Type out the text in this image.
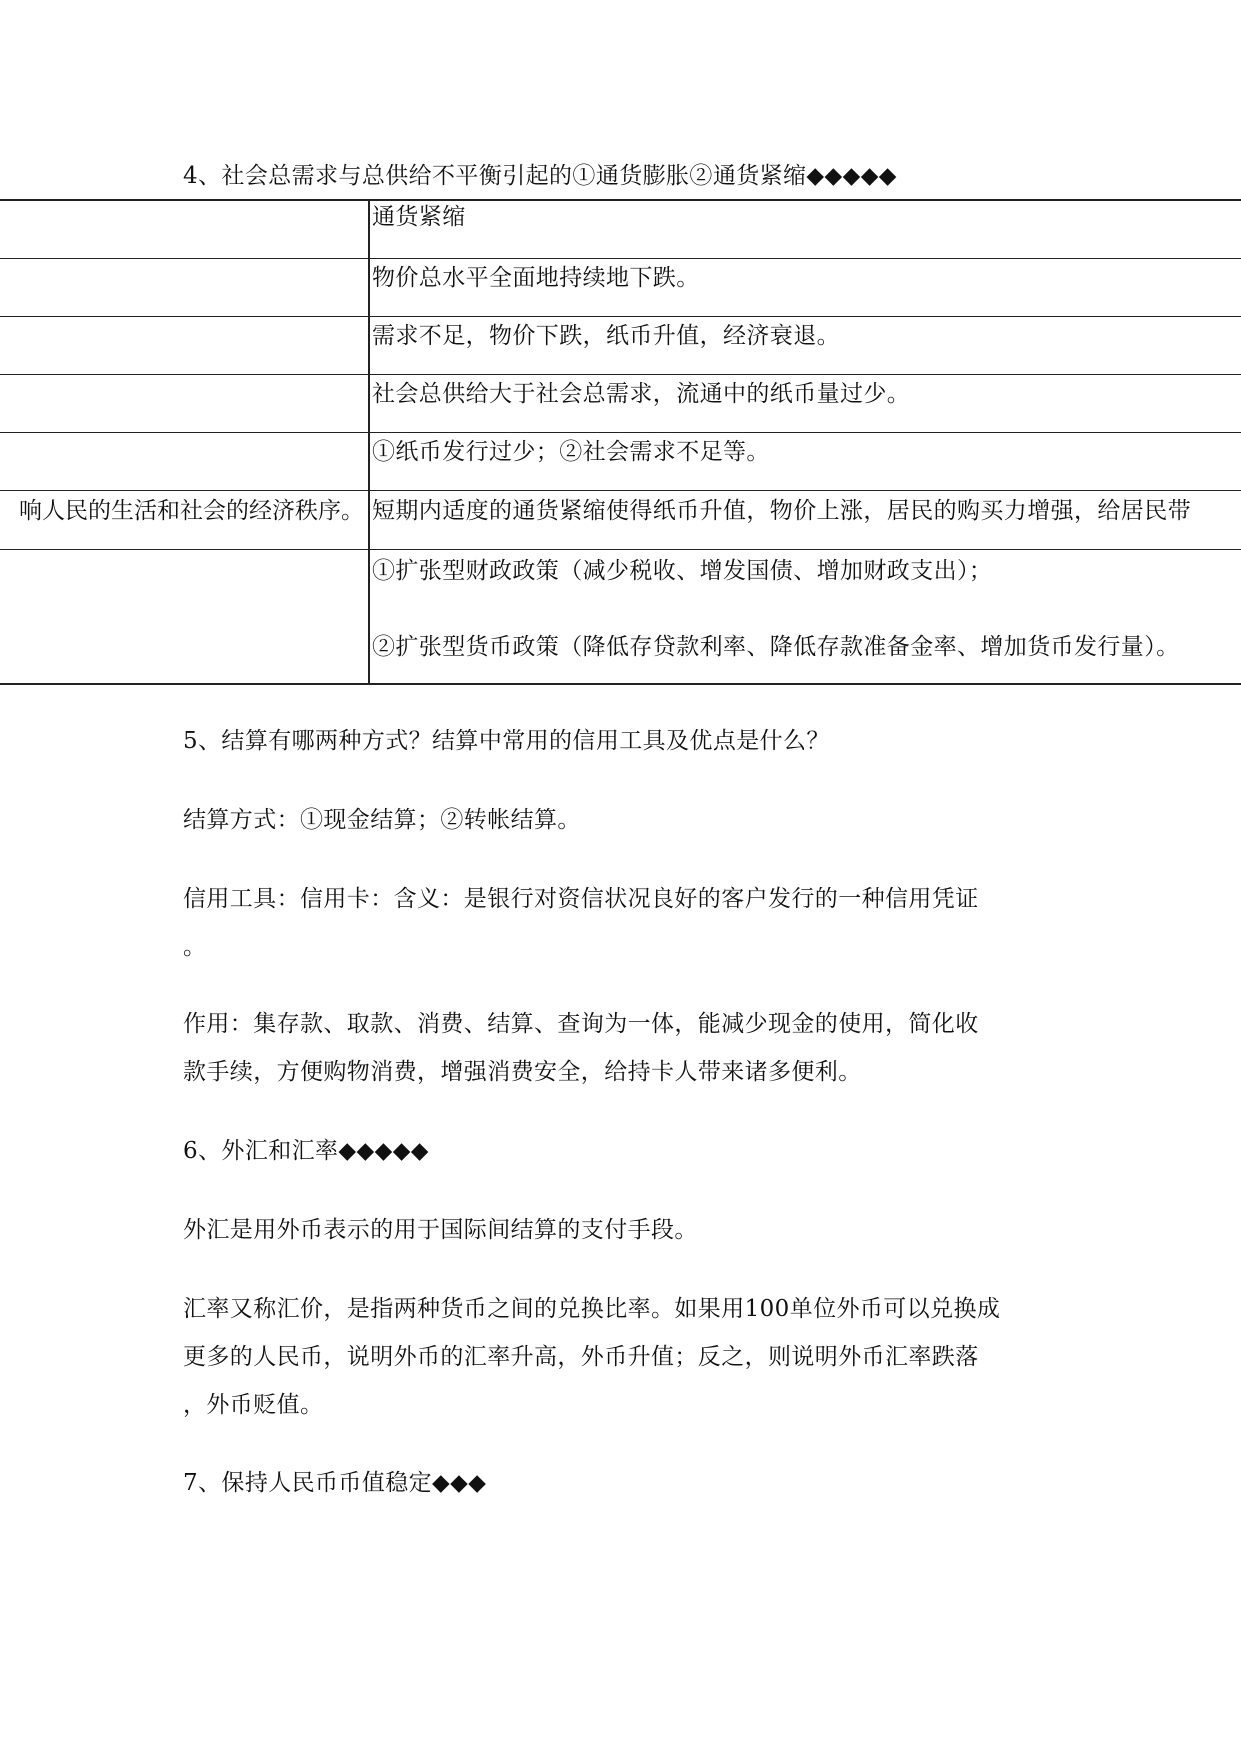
4、社会总需求与总供给不平衡引起的①通货膨胀②通货紧缩◆◆◆◆◆
通货紧缩
物价总水平全面地持续地下跌。
需求不足，物价下跌，纸币升值，经济衰退。
社会总供给大于社会总需求，流通中的纸币量过少。
①纸币发行过少；②社会需求不足等。
响人民的生活和社会的经济秩序。 短期内适度的通货紧缩使得纸币升值，物价上涨，居民的购买力增强，给居民带
①扩张型财政政策（减少税收、增发国债、增加财政支出）；
②扩张型货币政策（降低存贷款利率、降低存款准备金率、增加货币发行量）。
5、结算有哪两种方式？结算中常用的信用工具及优点是什么？
结算方式：①现金结算；②转帐结算。
信用工具：信用卡：含义：是银行对资信状况良好的客户发行的一种信用凭证
。
作用：集存款、取款、消费、结算、查询为一体，能减少现金的使用，简化收
款手续，方便购物消费，增强消费安全，给持卡人带来诸多便利。
6、外汇和汇率◆◆◆◆◆
外汇是用外币表示的用于国际间结算的支付手段。
汇率又称汇价，是指两种货币之间的兑换比率。如果用100单位外币可以兑换成
更多的人民币，说明外币的汇率升高，外币升值；反之，则说明外币汇率跌落
，外币贬值。
7、保持人民币币值稳定◆◆◆
